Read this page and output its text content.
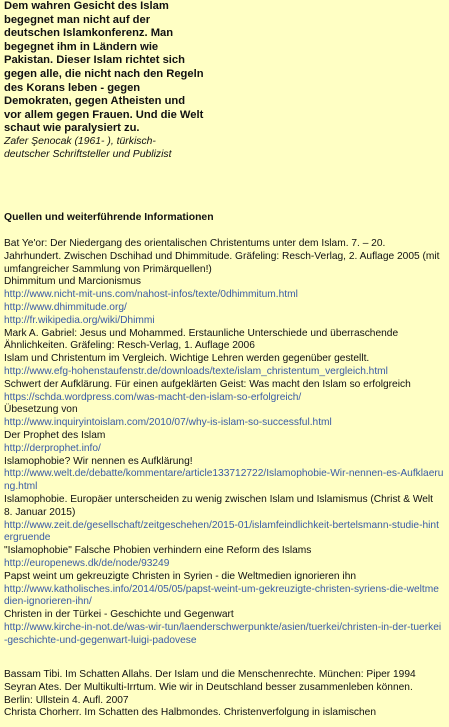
Dem wahren Gesicht des Islam
begegnet man nicht auf der
deutschen Islamkonferenz. Man
begegnet ihm in Ländern wie
Pakistan. Dieser Islam richtet sich
gegen alle, die nicht nach den Regeln
des Korans leben - gegen
Demokraten, gegen Atheisten und
vor allem gegen Frauen. Und die Welt
schaut wie paralysiert zu.
Zafer Şenocak (1961- ), türkisch-
deutscher Schriftsteller und Publizist
Quellen und weiterführende Informationen
Bat Ye'or: Der Niedergang des orientalischen Christentums unter dem Islam. 7. – 20. Jahrhundert. Zwischen Dschihad und Dhimmitude. Gräfeling: Resch-Verlag, 2. Auflage 2005 (mit umfangreicher Sammlung von Primärquellen!)
Dhimmitum und Marcionismus
http://www.nicht-mit-uns.com/nahost-infos/texte/0dhimmitum.html
http://www.dhimmitude.org/
http://fr.wikipedia.org/wiki/Dhimmi
Mark A. Gabriel: Jesus und Mohammed. Erstaunliche Unterschiede und überraschende Ähnlichkeiten. Gräfeling: Resch-Verlag, 1. Auflage 2006
Islam und Christentum im Vergleich. Wichtige Lehren werden gegenüber gestellt.
http://www.efg-hohenstaufenstr.de/downloads/texte/islam_christentum_vergleich.html
Schwert der Aufklärung. Für einen aufgeklärten Geist: Was macht den Islam so erfolgreich
https://schda.wordpress.com/was-macht-den-islam-so-erfolgreich/
Übesetzung von
http://www.inquiryintoislam.com/2010/07/why-is-islam-so-successful.html
Der Prophet des Islam
http://derprophet.info/
Islamophobie? Wir nennen es Aufklärung!
http://www.welt.de/debatte/kommentare/article133712722/Islamophobie-Wir-nennen-es-Aufklaerung.html
Islamophobie. Europäer unterscheiden zu wenig zwischen Islam und Islamismus (Christ & Welt 8. Januar 2015)
http://www.zeit.de/gesellschaft/zeitgeschehen/2015-01/islamfeindlichkeit-bertelsmann-studie-hintergruende
"Islamophobie" Falsche Phobien verhindern eine Reform des Islams
http://europenews.dk/de/node/93249
Papst weint um gekreuzigte Christen in Syrien - die Weltmedien ignorieren ihn
http://www.katholisches.info/2014/05/05/papst-weint-um-gekreuzigte-christen-syriens-die-weltmedien-ignorieren-ihn/
Christen in der Türkei - Geschichte und Gegenwart
http://www.kirche-in-not.de/was-wir-tun/laenderschwerpunkte/asien/tuerkei/christen-in-der-tuerkei-geschichte-und-gegenwart-luigi-padovese
Bassam Tibi. Im Schatten Allahs. Der Islam und die Menschenrechte. München: Piper 1994
Seyran Ates. Der Multikulti-Irrtum. Wie wir in Deutschland besser zusammenleben können. Berlin: Ullstein 4. Aufl. 2007
Christa Chorherr. Im Schatten des Halbmondes. Christenverfolgung in islamischen
